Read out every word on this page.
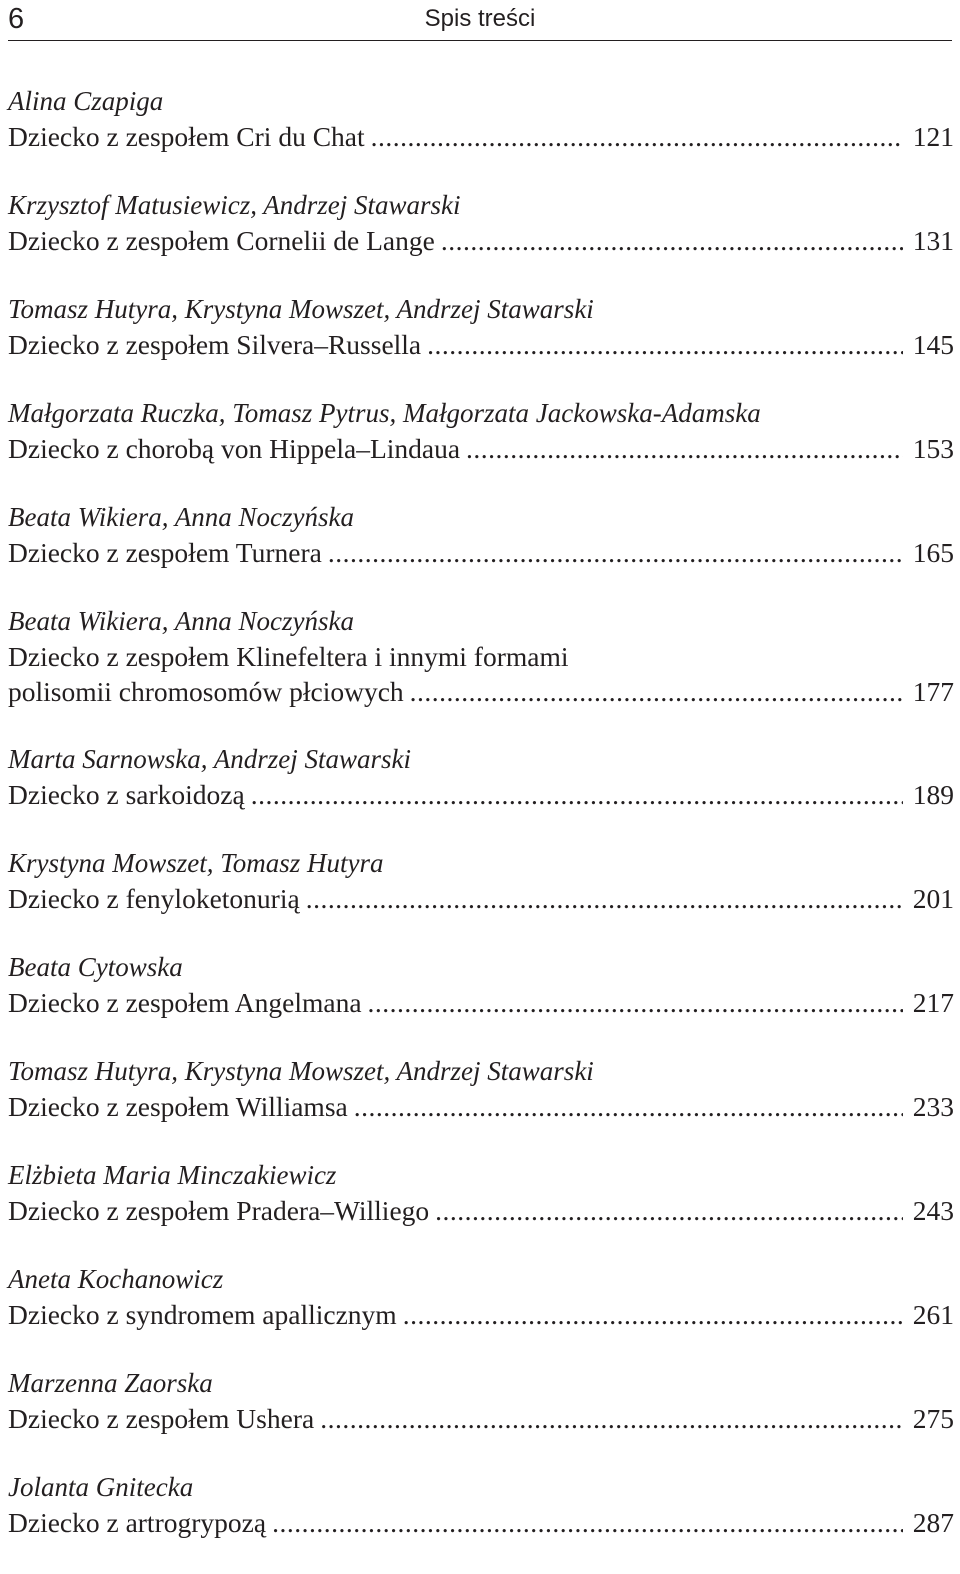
6	Spis treści
Alina Czapiga
Dziecko z zespołem Cri du Chat .....	121
Krzysztof Matusiewicz, Andrzej Stawarski
Dziecko z zespołem Cornelii de Lange .....	131
Tomasz Hutyra, Krystyna Mowszet, Andrzej Stawarski
Dziecko z zespołem Silvera–Russella .....	145
Małgorzata Ruczka, Tomasz Pytrus, Małgorzata Jackowska-Adamska
Dziecko z chorobą von Hippela–Lindaua .....	153
Beata Wikiera, Anna Noczyńska
Dziecko z zespołem Turnera .....	165
Beata Wikiera, Anna Noczyńska
Dziecko z zespołem Klinefeltera i innymi formami
polisomii chromosomów płciowych .....	177
Marta Sarnowska, Andrzej Stawarski
Dziecko z sarkoidozą .....	189
Krystyna Mowszet, Tomasz Hutyra
Dziecko z fenyloketonurią .....	201
Beata Cytowska
Dziecko z zespołem Angelmana .....	217
Tomasz Hutyra, Krystyna Mowszet, Andrzej Stawarski
Dziecko z zespołem Williamsa .....	233
Elżbieta Maria Minczakiewicz
Dziecko z zespołem Pradera–Williego .....	243
Aneta Kochanowicz
Dziecko z syndromem apallicznym .....	261
Marzenna Zaorska
Dziecko z zespołem Ushera .....	275
Jolanta Gnitecka
Dziecko z artrogrypozą .....	287
